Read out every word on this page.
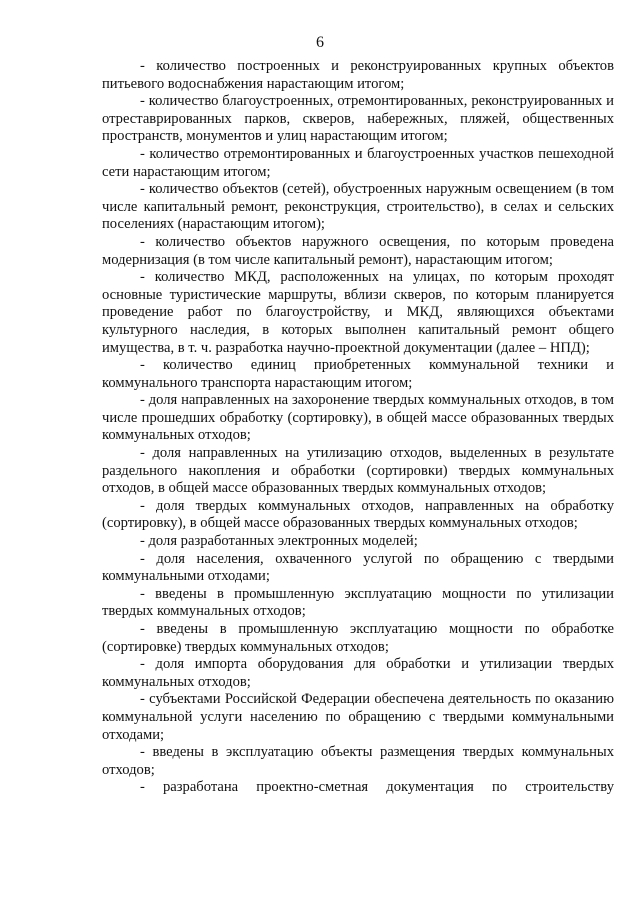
6

- количество построенных и реконструированных крупных объектов питьевого водоснабжения нарастающим итогом;

- количество благоустроенных, отремонтированных, реконструированных и отреставрированных парков, скверов, набережных, пляжей, общественных пространств, монументов и улиц нарастающим итогом;

- количество отремонтированных и благоустроенных участков пешеходной сети нарастающим итогом;

- количество объектов (сетей), обустроенных наружным освещением (в том числе капитальный ремонт, реконструкция, строительство), в селах и сельских поселениях (нарастающим итогом);

- количество объектов наружного освещения, по которым проведена модернизация (в том числе капитальный ремонт), нарастающим итогом;

- количество МКД, расположенных на улицах, по которым проходят основные туристические маршруты, вблизи скверов, по которым планируется проведение работ по благоустройству, и МКД, являющихся объектами культурного наследия, в которых выполнен капитальный ремонт общего имущества, в т. ч. разработка научно-проектной документации (далее – НПД);

- количество единиц приобретенных коммунальной техники и коммунального транспорта нарастающим итогом;

- доля направленных на захоронение твердых коммунальных отходов, в том числе прошедших обработку (сортировку), в общей массе образованных твердых коммунальных отходов;

- доля направленных на утилизацию отходов, выделенных в результате раздельного накопления и обработки (сортировки) твердых коммунальных отходов, в общей массе образованных твердых коммунальных отходов;

- доля твердых коммунальных отходов, направленных на обработку (сортировку), в общей массе образованных твердых коммунальных отходов;

- доля разработанных электронных моделей;

- доля населения, охваченного услугой по обращению с твердыми коммунальными отходами;

- введены в промышленную эксплуатацию мощности по утилизации твердых коммунальных отходов;

- введены в промышленную эксплуатацию мощности по обработке (сортировке) твердых коммунальных отходов;

- доля импорта оборудования для обработки и утилизации твердых коммунальных отходов;

- субъектами Российской Федерации обеспечена деятельность по оказанию коммунальной услуги населению по обращению с твердыми коммунальными отходами;

- введены в эксплуатацию объекты размещения твердых коммунальных отходов;

- разработана проектно-сметная документация по строительству
